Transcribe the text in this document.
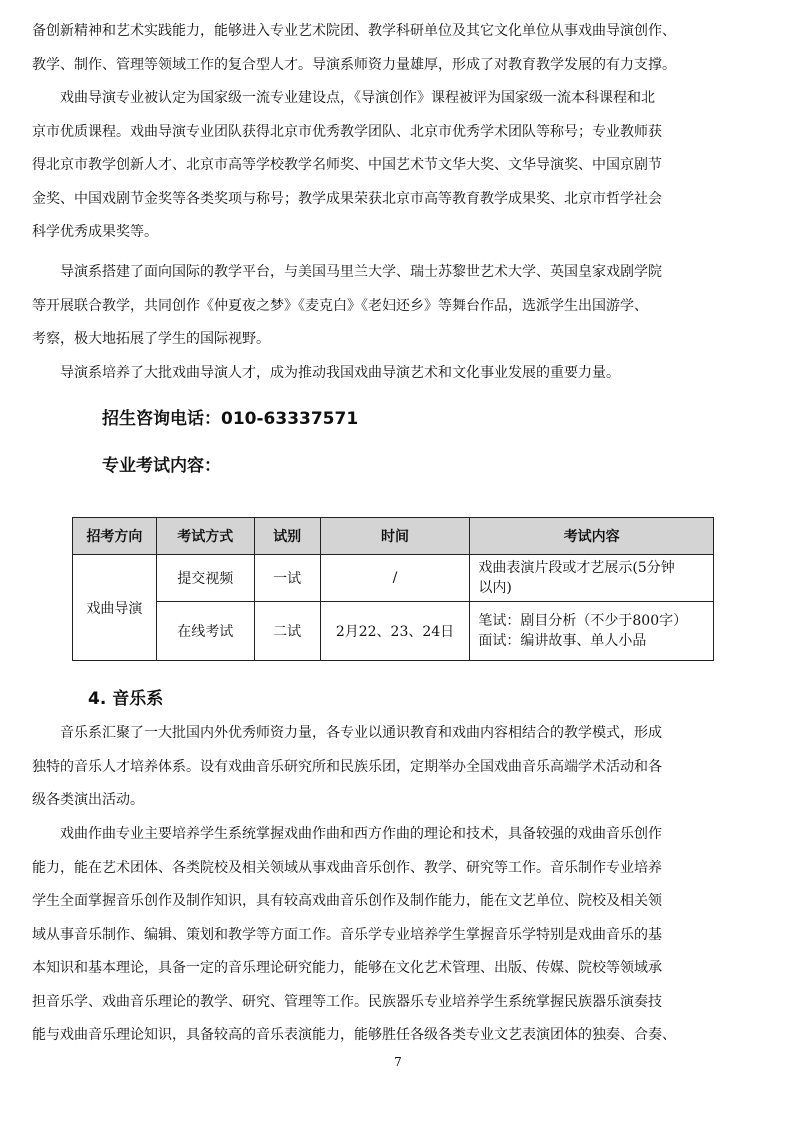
备创新精神和艺术实践能力，能够进入专业艺术院团、教学科研单位及其它文化单位从事戏曲导演创作、
教学、制作、管理等领域工作的复合型人才。导演系师资力量雄厚，形成了对教育教学发展的有力支撑。
戏曲导演专业被认定为国家级一流专业建设点，《导演创作》课程被评为国家级一流本科课程和北
京市优质课程。戏曲导演专业团队获得北京市优秀教学团队、北京市优秀学术团队等称号；专业教师获
得北京市教学创新人才、北京市高等学校教学名师奖、中国艺术节文华大奖、文华导演奖、中国京剧节
金奖、中国戏剧节金奖等各类奖项与称号；教学成果荣获北京市高等教育教学成果奖、北京市哲学社会
科学优秀成果奖等。
导演系搭建了面向国际的教学平台，与美国马里兰大学、瑞士苏黎世艺术大学、英国皇家戏剧学院
等开展联合教学，共同创作《仲夏夜之梦》《麦克白》《老妇还乡》等舞台作品，选派学生出国游学、
考察，极大地拓展了学生的国际视野。
导演系培养了大批戏曲导演人才，成为推动我国戏曲导演艺术和文化事业发展的重要力量。
招生咨询电话：010-63337571
专业考试内容：
招考方向	考试方式	试别	时间	考试内容
戏曲导演	提交视频	一试	/	戏曲表演片段或才艺展示(5分钟
以内)

	在线考试	二试	2月22、23、24日	笔试：剧目分析（不少于800字）
面试：编讲故事、单人小品
4. 音乐系
音乐系汇聚了一大批国内外优秀师资力量，各专业以通识教育和戏曲内容相结合的教学模式，形成
独特的音乐人才培养体系。设有戏曲音乐研究所和民族乐团，定期举办全国戏曲音乐高端学术活动和各
级各类演出活动。
戏曲作曲专业主要培养学生系统掌握戏曲作曲和西方作曲的理论和技术，具备较强的戏曲音乐创作
能力，能在艺术团体、各类院校及相关领域从事戏曲音乐创作、教学、研究等工作。音乐制作专业培养
学生全面掌握音乐创作及制作知识，具有较高戏曲音乐创作及制作能力，能在文艺单位、院校及相关领
域从事音乐制作、编辑、策划和教学等方面工作。音乐学专业培养学生掌握音乐学特别是戏曲音乐的基
本知识和基本理论，具备一定的音乐理论研究能力，能够在文化艺术管理、出版、传媒、院校等领域承
担音乐学、戏曲音乐理论的教学、研究、管理等工作。民族器乐专业培养学生系统掌握民族器乐演奏技
能与戏曲音乐理论知识，具备较高的音乐表演能力，能够胜任各级各类专业文艺表演团体的独奏、合奏、
7
